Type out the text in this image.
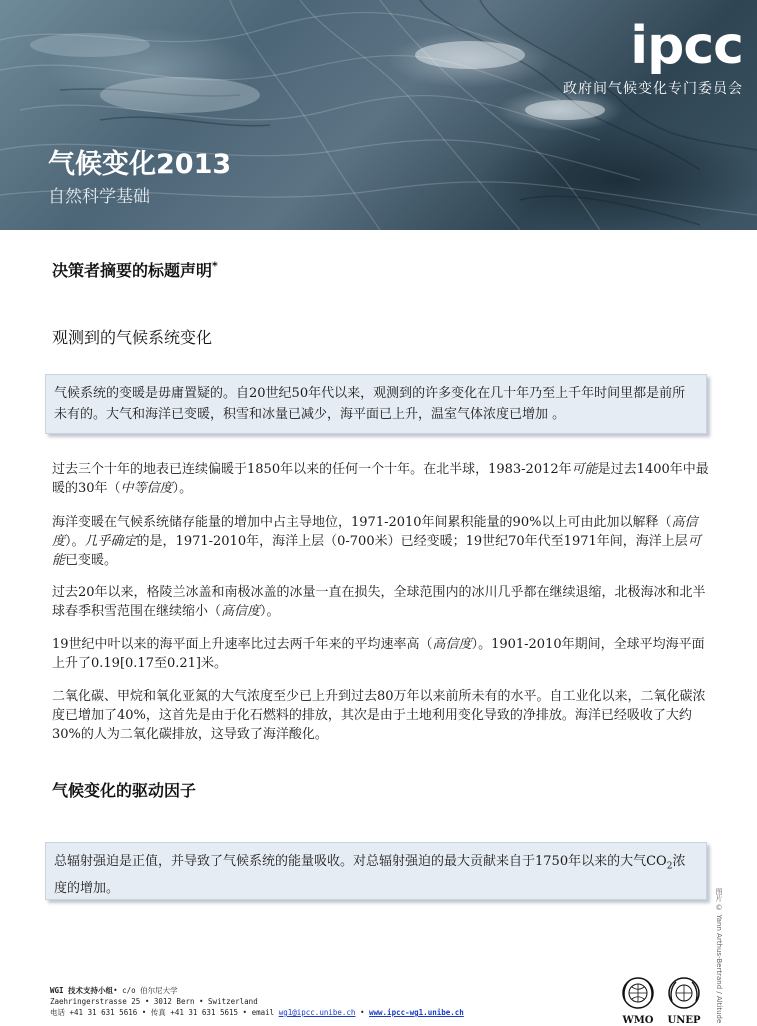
ipcc
政府间气候变化专门委员会
气候变化2013
自然科学基础
决策者摘要的标题声明*
观测到的气候系统变化
气候系统的变暖是毋庸置疑的。自20世纪50年代以来，观测到的许多变化在几十年乃至上千年时间里都是前所未有的。大气和海洋已变暖，积雪和冰量已减少，海平面已上升，温室气体浓度已增加 。
过去三个十年的地表已连续偏暖于1850年以来的任何一个十年。在北半球，1983-2012年可能是过去1400年中最暖的30年（中等信度）。
海洋变暖在气候系统储存能量的增加中占主导地位，1971-2010年间累积能量的90%以上可由此加以解释（高信度）。几乎确定的是，1971-2010年，海洋上层（0-700米）已经变暖；19世纪70年代至1971年间，海洋上层可能已变暖。
过去20年以来，格陵兰冰盖和南极冰盖的冰量一直在损失，全球范围内的冰川几乎都在继续退缩，北极海冰和北半球春季积雪范围在继续缩小（高信度）。
19世纪中叶以来的海平面上升速率比过去两千年来的平均速率高（高信度）。1901-2010年期间，全球平均海平面上升了0.19[0.17至0.21]米。
二氧化碳、甲烷和氧化亚氮的大气浓度至少已上升到过去80万年以来前所未有的水平。自工业化以来，二氧化碳浓度已增加了40%，这首先是由于化石燃料的排放，其次是由于土地利用变化导致的净排放。海洋已经吸收了大约30%的人为二氧化碳排放，这导致了海洋酸化。
气候变化的驱动因子
总辐射强迫是正值，并导致了气候系统的能量吸收。对总辐射强迫的最大贡献来自于1750年以来的大气$CO_2$浓度的增加。	图片 © Yann Arthus-Bertrand / Altitude
WGI 技术支持小组• c/o 伯尔尼大学
Zaehringerstrasse 25 • 3012 Bern • Switzerland
电话 +41 31 631 5616 • 传真 +41 31 631 5615 • email wg1@ipcc.unibe.ch • www.ipcc-wg1.unibe.ch
WMO	UNEP
